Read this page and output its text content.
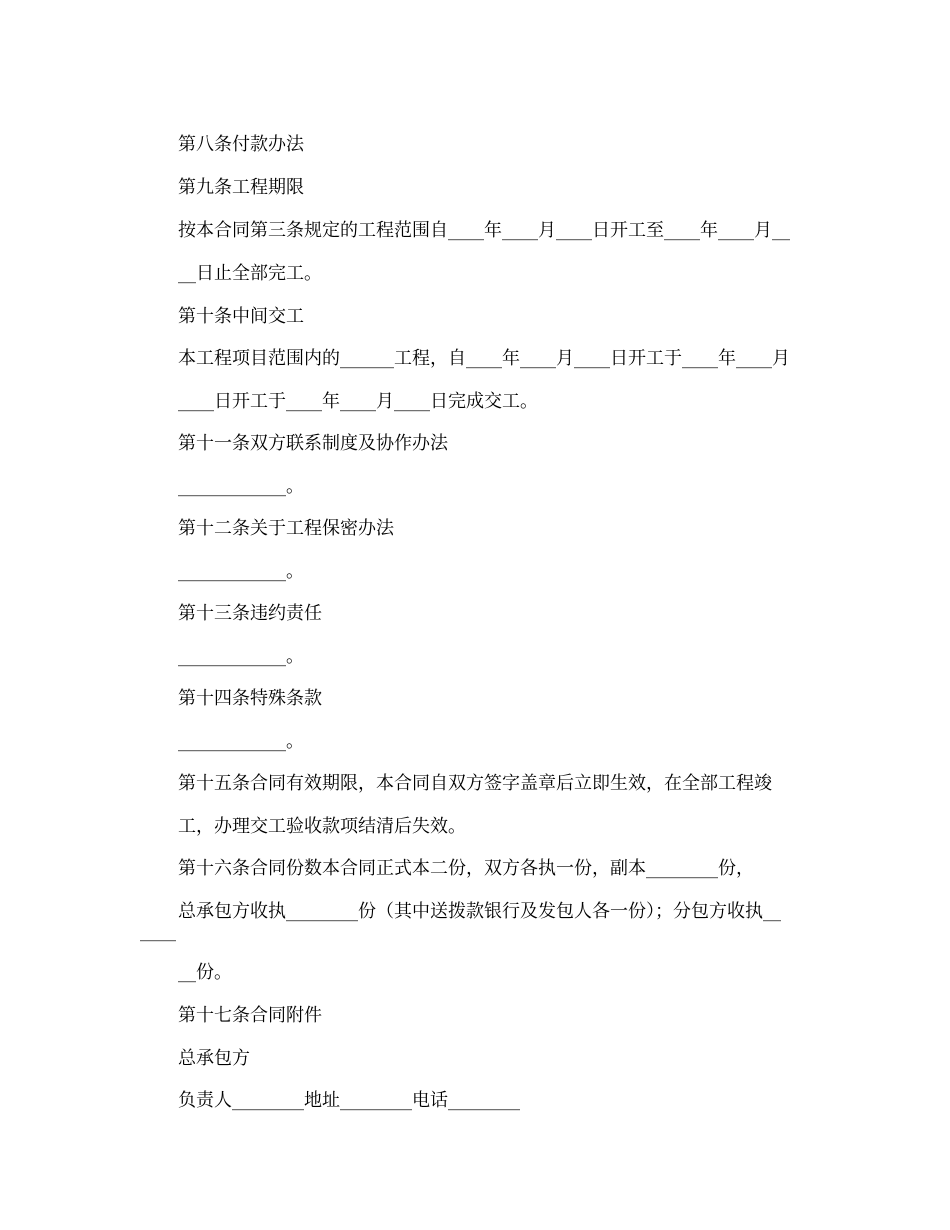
第八条付款办法

第九条工程期限

按本合同第三条规定的工程范围自____年____月____日开工至____年____月__

__日止全部完工。

第十条中间交工

本工程项目范围内的______工程，自____年____月____日开工于____年____月

____日开工于____年____月____日完成交工。

第十一条双方联系制度及协作办法

____________。

第十二条关于工程保密办法

____________。

第十三条违约责任

____________。

第十四条特殊条款

____________。

第十五条合同有效期限，本合同自双方签字盖章后立即生效，在全部工程竣

工，办理交工验收款项结清后失效。

第十六条合同份数本合同正式本二份，双方各执一份，副本________份，

总承包方收执________份（其中送拨款银行及发包人各一份）；分包方收执__

____

__份。

第十七条合同附件

总承包方

负责人________地址________电话________
